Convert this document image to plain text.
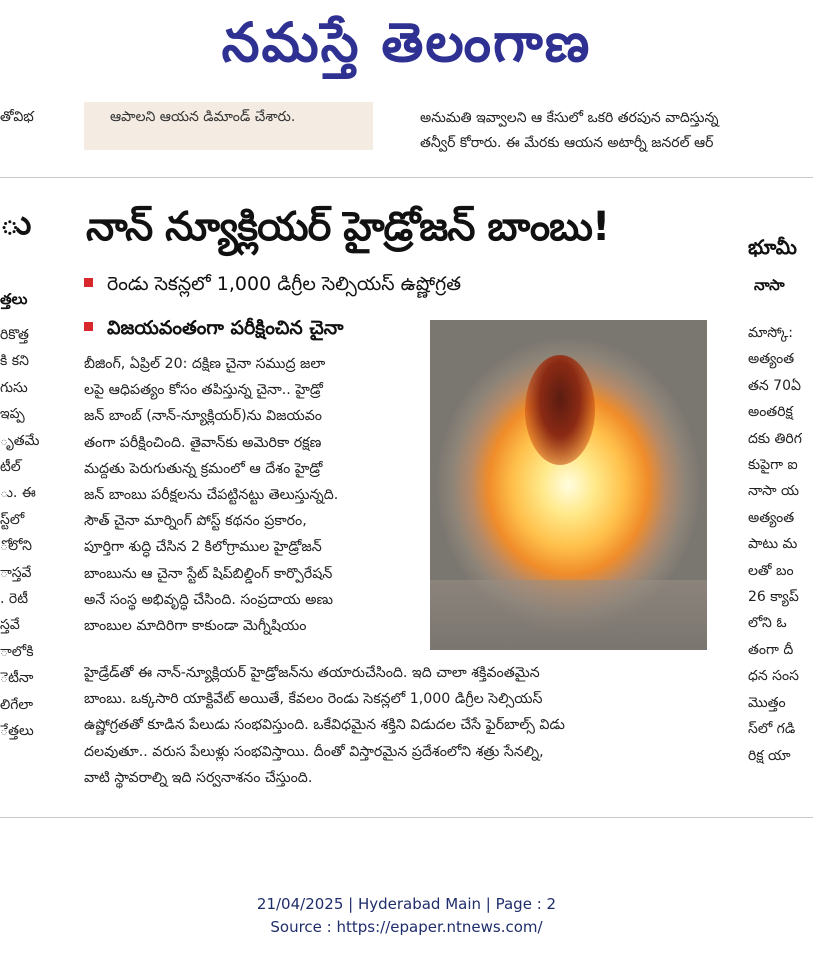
నమస్తే తెలంగాణ
తోవిభ	ఆపాలని ఆయన డిమాండ్ చేశారు.	అనుమతి ఇవ్వాలని ఆ కేసులో ఒకరి తరపున వాదిస్తున్న
తన్వీర్ కోరారు. ఈ మేరకు ఆయన అటార్నీ జనరల్ ఆర్
ు
త్తలు
రికొత్త
కి కని
గుసు
ఇప్ప
ృతమే
టీల్
ు. ఈ
స్ట్‌లో
ోలోని
ాస్తవే
. రెటీ
స్తవే
ాలోకి
ెటీనా
లిగేలా
ేత్తలు
నాన్ న్యూక్లియర్ హైడ్రోజన్ బాంబు!
రెండు సెకన్లలో 1,000 డిగ్రీల సెల్సియస్ ఉష్ణోగ్రత
విజయవంతంగా పరీక్షించిన చైనా
బీజింగ్, ఏప్రిల్ 20: దక్షిణ చైనా సముద్ర జలా
లపై ఆధిపత్యం కోసం తపిస్తున్న చైనా.. హైడ్రో
జన్ బాంబ్ (నాన్-న్యూక్లియర్)ను విజయవం
తంగా పరీక్షించింది. తైవాన్‌కు అమెరికా రక్షణ
మద్దతు పెరుగుతున్న క్రమంలో ఆ దేశం హైడ్రో
జన్ బాంబు పరీక్షలను చేపట్టినట్టు తెలుస్తున్నది.
సౌత్ చైనా మార్నింగ్ పోస్ట్ కథనం ప్రకారం,
పూర్తిగా శుద్ధి చేసిన 2 కిలోగ్రాముల హైడ్రోజన్
బాంబును ఆ చైనా స్టేట్ షిప్‌బిల్డింగ్ కార్పొరేషన్
అనే సంస్థ అభివృద్ధి చేసింది. సంప్రదాయ అణు
బాంబుల మాదిరిగా కాకుండా మెగ్నీషియం
హైడ్రేడ్‌తో ఈ నాన్-న్యూక్లియర్ హైడ్రోజన్‌ను తయారుచేసింది. ఇది చాలా శక్తివంతమైన
బాంబు. ఒక్కసారి యాక్టివేట్ అయితే, కేవలం రెండు సెకన్లలో 1,000 డిగ్రీల సెల్సియస్
ఉష్ణోగ్రతతో కూడిన పేలుడు సంభవిస్తుంది. ఒకేవిధమైన శక్తిని విడుదల చేసే ఫైర్‌బాల్స్ విడు
దలవుతూ.. వరుస పేలుళ్లు సంభవిస్తాయి. దీంతో విస్తారమైన ప్రదేశంలోని శత్రు సేనల్ని,
వాటి స్థావరాల్ని ఇది సర్వనాశనం చేస్తుంది.
భూమీ
నాసా
మాస్కో:
అత్యంత
తన 70ఏ
అంతరిక్ష
దకు తిరిగ
కుపైగా ఐ
నాసా య
అత్యంత
పాటు మ
లతో బం
26 క్యాప్
లోని ఓ
తంగా దీ
ధన సంస
మొత్తం
స్‌లో గడి
రిక్ష యా
21/04/2025 | Hyderabad Main | Page : 2
Source : https://epaper.ntnews.com/
